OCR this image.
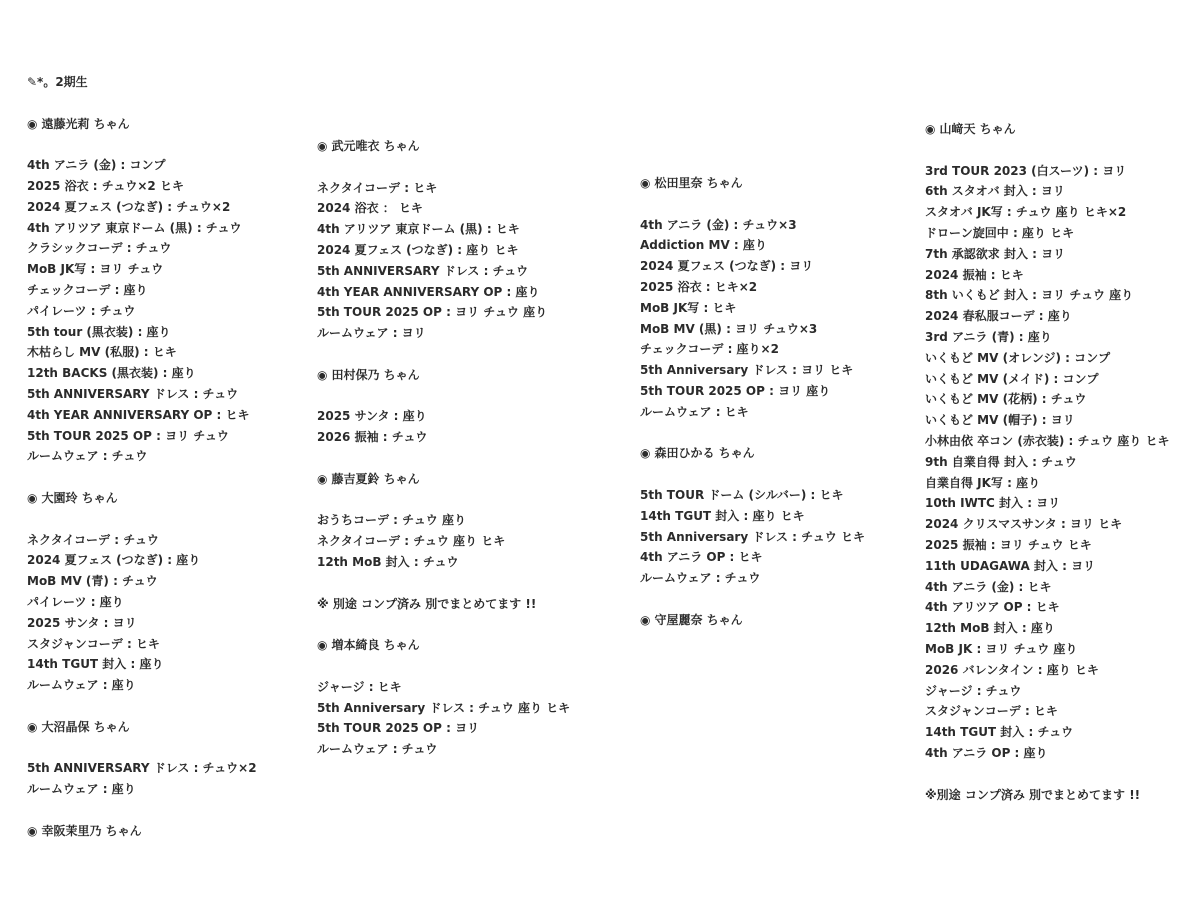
✎*。2期生
◉ 遠藤光莉 ちゃん
4th アニラ (金) : コンプ
2025 浴衣 : チュウ×2 ヒキ
2024 夏フェス (つなぎ) : チュウ×2
4th アリツア 東京ドーム (黒) : チュウ
クラシックコーデ : チュウ
MoB JK写 : ヨリ チュウ
チェックコーデ : 座り
パイレーツ : チュウ
5th tour (黒衣装) : 座り
木枯らし MV (私服) : ヒキ
12th BACKS (黒衣装) : 座り
5th ANNIVERSARY ドレス : チュウ
4th YEAR ANNIVERSARY OP : ヒキ
5th TOUR 2025 OP : ヨリ チュウ
ルームウェア : チュウ
◉ 大園玲 ちゃん
ネクタイコーデ : チュウ
2024 夏フェス (つなぎ) : 座り
MoB MV (青) : チュウ
パイレーツ : 座り
2025 サンタ : ヨリ
スタジャンコーデ : ヒキ
14th TGUT 封入 : 座り
ルームウェア : 座り
◉ 大沼晶保 ちゃん
5th ANNIVERSARY ドレス : チュウ×2
ルームウェア : 座り
◉ 幸阪茉里乃 ちゃん
◉ 武元唯衣 ちゃん
ネクタイコーデ : ヒキ
2024 浴衣 ： ヒキ
4th アリツア 東京ドーム (黒) : ヒキ
2024 夏フェス (つなぎ) : 座り ヒキ
5th ANNIVERSARY ドレス : チュウ
4th YEAR ANNIVERSARY OP : 座り
5th TOUR 2025 OP : ヨリ チュウ 座り
ルームウェア : ヨリ
◉ 田村保乃 ちゃん
2025 サンタ : 座り
2026 振袖 : チュウ
◉ 藤吉夏鈴 ちゃん
おうちコーデ : チュウ 座り
ネクタイコーデ : チュウ 座り ヒキ
12th MoB 封入 : チュウ
※ 別途 コンプ済み 別でまとめてます !!
◉ 増本綺良 ちゃん
ジャージ : ヒキ
5th Anniversary ドレス : チュウ 座り ヒキ
5th TOUR 2025 OP : ヨリ
ルームウェア : チュウ
◉ 松田里奈 ちゃん
4th アニラ (金) : チュウ×3
Addiction MV : 座り
2024 夏フェス (つなぎ) : ヨリ
2025 浴衣 : ヒキ×2
MoB JK写 : ヒキ
MoB MV (黒) : ヨリ チュウ×3
チェックコーデ : 座り×2
5th Anniversary ドレス : ヨリ ヒキ
5th TOUR 2025 OP : ヨリ 座り
ルームウェア : ヒキ
◉ 森田ひかる ちゃん
5th TOUR ドーム (シルバー) : ヒキ
14th TGUT 封入 : 座り ヒキ
5th Anniversary ドレス : チュウ ヒキ
4th アニラ OP : ヒキ
ルームウェア : チュウ
◉ 守屋麗奈 ちゃん
◉ 山﨑天 ちゃん
3rd TOUR 2023 (白スーツ) : ヨリ
6th スタオバ 封入 : ヨリ
スタオバ JK写 : チュウ 座り ヒキ×2
ドローン旋回中 : 座り ヒキ
7th 承認欲求 封入 : ヨリ
2024 振袖 : ヒキ
8th いくもど 封入 : ヨリ チュウ 座り
2024 春私服コーデ : 座り
3rd アニラ (青) : 座り
いくもど MV (オレンジ) : コンプ
いくもど MV (メイド) : コンプ
いくもど MV (花柄) : チュウ
いくもど MV (帽子) : ヨリ
小林由依 卒コン (赤衣装) : チュウ 座り ヒキ
9th 自業自得 封入 : チュウ
自業自得 JK写 : 座り
10th IWTC 封入 : ヨリ
2024 クリスマスサンタ : ヨリ ヒキ
2025 振袖 : ヨリ チュウ ヒキ
11th UDAGAWA 封入 : ヨリ
4th アニラ (金) : ヒキ
4th アリツア OP : ヒキ
12th MoB 封入 : 座り
MoB JK : ヨリ チュウ 座り
2026 バレンタイン : 座り ヒキ
ジャージ : チュウ
スタジャンコーデ : ヒキ
14th TGUT 封入 : チュウ
4th アニラ OP : 座り
※別途 コンプ済み 別でまとめてます !!
